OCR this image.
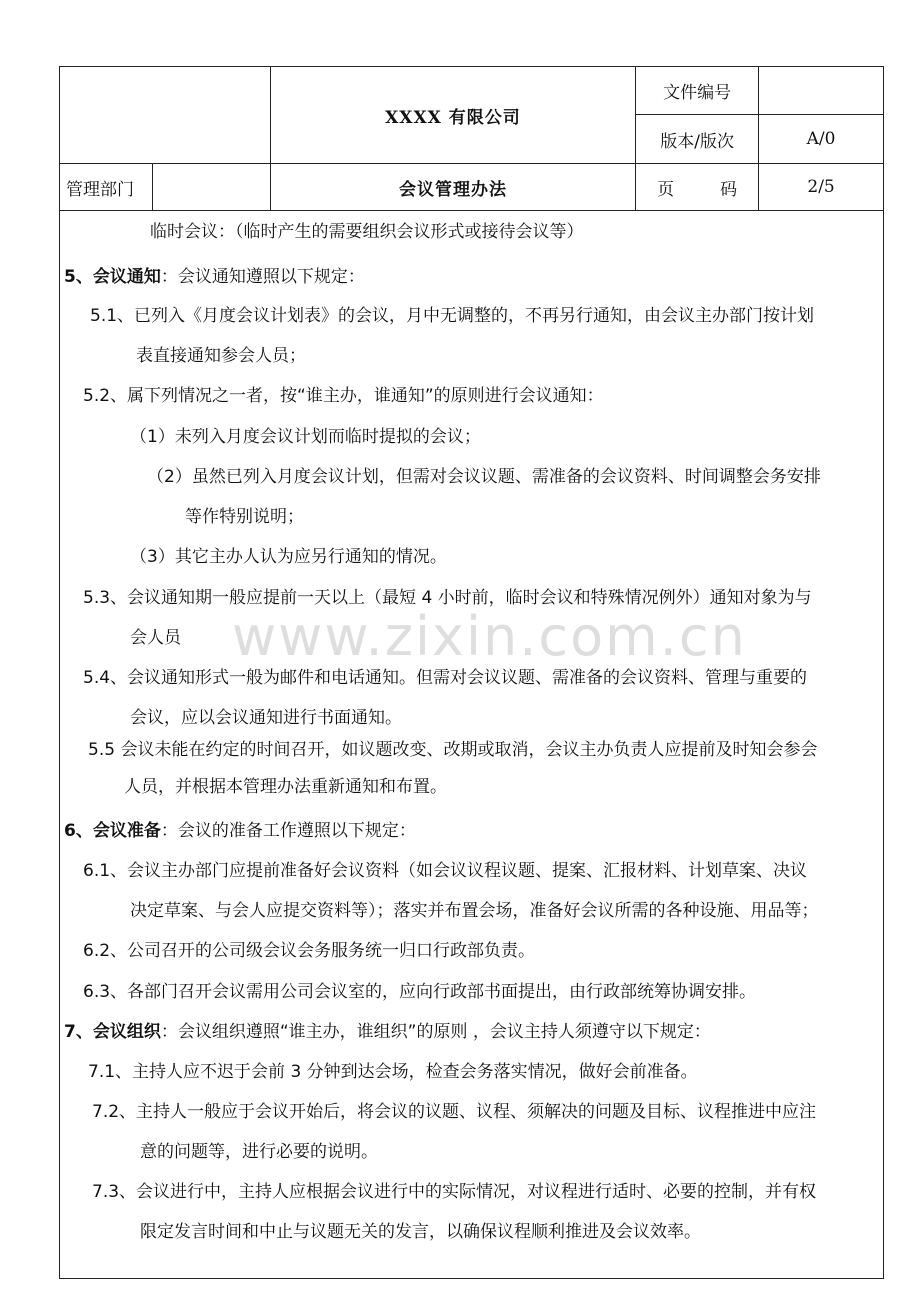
		XXXX 有限公司	文件编号	
			版本/版次	A/0
管理部门		会议管理办法	页码	2/5
www.zixin.com.cn
临时会议：（临时产生的需要组织会议形式或接待会议等）
5、会议通知：会议通知遵照以下规定：
5.1、已列入《月度会议计划表》的会议，月中无调整的，不再另行通知，由会议主办部门按计划
表直接通知参会人员；
5.2、属下列情况之一者，按“谁主办，谁通知”的原则进行会议通知：
（1）未列入月度会议计划而临时提拟的会议；
（2）虽然已列入月度会议计划，但需对会议议题、需准备的会议资料、时间调整会务安排
等作特别说明；
（3）其它主办人认为应另行通知的情况。
5.3、会议通知期一般应提前一天以上（最短 4 小时前，临时会议和特殊情况例外）通知对象为与
会人员
5.4、会议通知形式一般为邮件和电话通知。但需对会议议题、需准备的会议资料、管理与重要的
会议，应以会议通知进行书面通知。
5.5 会议未能在约定的时间召开，如议题改变、改期或取消，会议主办负责人应提前及时知会参会
人员，并根据本管理办法重新通知和布置。
6、会议准备：会议的准备工作遵照以下规定：
6.1、会议主办部门应提前准备好会议资料（如会议议程议题、提案、汇报材料、计划草案、决议
决定草案、与会人应提交资料等）；落实并布置会场，准备好会议所需的各种设施、用品等；
6.2、公司召开的公司级会议会务服务统一归口行政部负责。
6.3、各部门召开会议需用公司会议室的，应向行政部书面提出，由行政部统筹协调安排。
7、会议组织：会议组织遵照“谁主办，谁组织”的原则 ，会议主持人须遵守以下规定：
7.1、主持人应不迟于会前 3 分钟到达会场，检查会务落实情况，做好会前准备。
7.2、主持人一般应于会议开始后，将会议的议题、议程、须解决的问题及目标、议程推进中应注
意的问题等，进行必要的说明。
7.3、会议进行中，主持人应根据会议进行中的实际情况，对议程进行适时、必要的控制，并有权
限定发言时间和中止与议题无关的发言，以确保议程顺利推进及会议效率。
